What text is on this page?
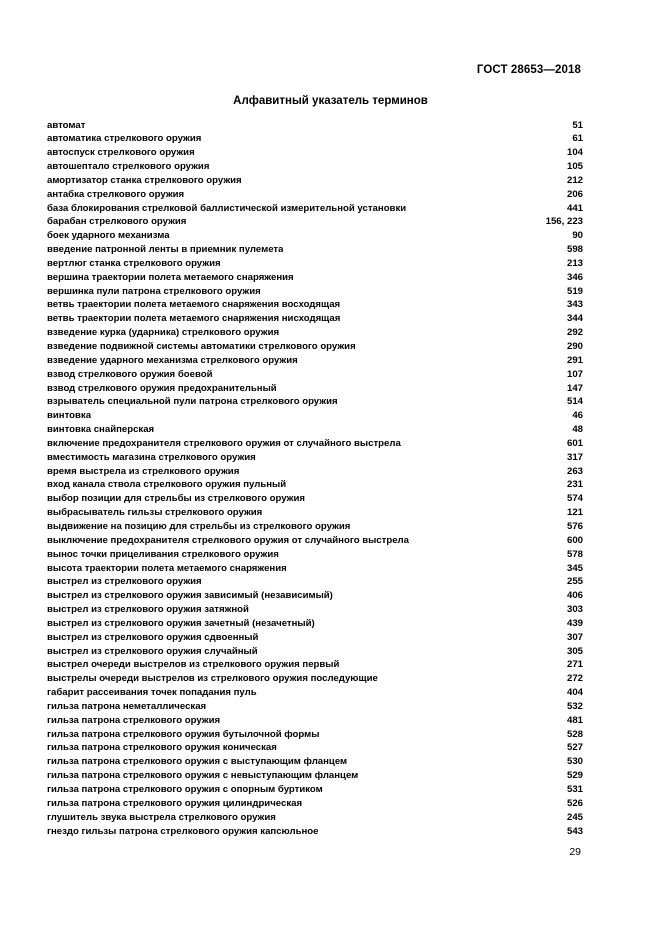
ГОСТ 28653—2018
Алфавитный указатель терминов
автомат	51
автоматика стрелкового оружия	61
автоспуск стрелкового оружия	104
автошептало стрелкового оружия	105
амортизатор станка стрелкового оружия	212
антабка стрелкового оружия	206
база блокирования стрелковой баллистической измерительной установки	441
барабан стрелкового оружия	156, 223
боек ударного механизма	90
введение патронной ленты в приемник пулемета	598
вертлюг станка стрелкового оружия	213
вершина траектории полета метаемого снаряжения	346
вершинка пули патрона стрелкового оружия	519
ветвь траектории полета метаемого снаряжения восходящая	343
ветвь траектории полета метаемого снаряжения нисходящая	344
взведение курка (ударника) стрелкового оружия	292
взведение подвижной системы автоматики стрелкового оружия	290
взведение ударного механизма стрелкового оружия	291
взвод стрелкового оружия боевой	107
взвод стрелкового оружия предохранительный	147
взрыватель специальной пули патрона стрелкового оружия	514
винтовка	46
винтовка снайперская	48
включение предохранителя стрелкового оружия от случайного выстрела	601
вместимость магазина стрелкового оружия	317
время выстрела из стрелкового оружия	263
вход канала ствола стрелкового оружия пульный	231
выбор позиции для стрельбы из стрелкового оружия	574
выбрасыватель гильзы стрелкового оружия	121
выдвижение на позицию для стрельбы из стрелкового оружия	576
выключение предохранителя стрелкового оружия от случайного выстрела	600
вынос точки прицеливания стрелкового оружия	578
высота траектории полета метаемого снаряжения	345
выстрел из стрелкового оружия	255
выстрел из стрелкового оружия зависимый (независимый)	406
выстрел из стрелкового оружия затяжной	303
выстрел из стрелкового оружия зачетный (незачетный)	439
выстрел из стрелкового оружия сдвоенный	307
выстрел из стрелкового оружия случайный	305
выстрел очереди выстрелов из стрелкового оружия первый	271
выстрелы очереди выстрелов из стрелкового оружия последующие	272
габарит рассеивания точек попадания пуль	404
гильза патрона неметаллическая	532
гильза патрона стрелкового оружия	481
гильза патрона стрелкового оружия бутылочной формы	528
гильза патрона стрелкового оружия коническая	527
гильза патрона стрелкового оружия с выступающим фланцем	530
гильза патрона стрелкового оружия с невыступающим фланцем	529
гильза патрона стрелкового оружия с опорным буртиком	531
гильза патрона стрелкового оружия цилиндрическая	526
глушитель звука выстрела стрелкового оружия	245
гнездо гильзы патрона стрелкового оружия капсюльное	543
29
